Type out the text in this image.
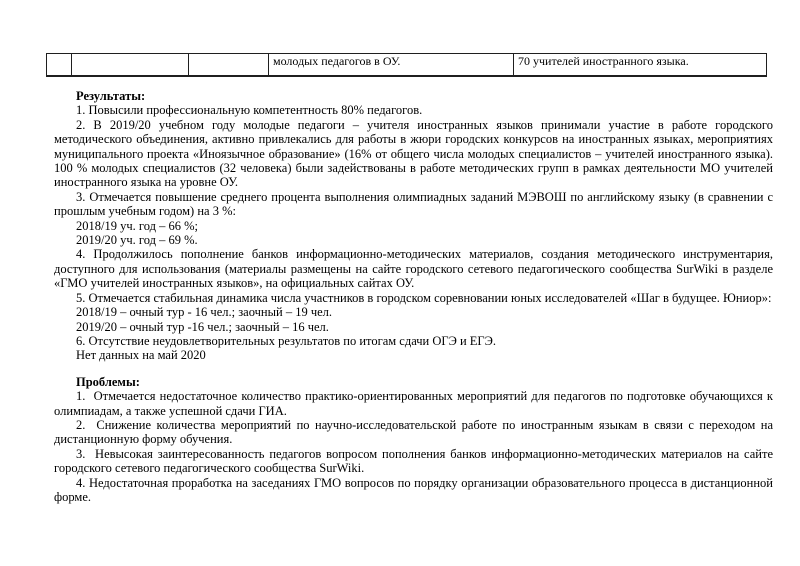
			молодых педагогов в ОУ.	70 учителей иностранного языка.

Результаты:

1. Повысили профессиональную компетентность 80% педагогов.

2. В 2019/20 учебном году молодые педагоги – учителя иностранных языков принимали участие в работе городского методического объединения, активно привлекались для работы в жюри городских конкурсов на иностранных языках, мероприятиях муниципального проекта «Иноязычное образование» (16% от общего числа молодых специалистов – учителей иностранного языка). 100 % молодых специалистов (32 человека) были задействованы в работе методических групп в рамках деятельности МО учителей иностранного языка на уровне ОУ.

3. Отмечается повышение среднего процента выполнения олимпиадных заданий МЭВОШ по английскому языку (в сравнении с прошлым учебным годом) на 3 %:

2018/19 уч. год – 66 %;

2019/20 уч. год – 69 %.

4. Продолжилось пополнение банков информационно-методических материалов, создания методического инструментария, доступного для использования (материалы размещены на сайте городского сетевого педагогического сообщества SurWiki в разделе «ГМО учителей иностранных языков», на официальных сайтах ОУ.

5. Отмечается стабильная динамика числа участников в городском соревновании юных исследователей «Шаг в будущее. Юниор»:

2018/19 – очный тур - 16 чел.; заочный – 19 чел.

2019/20 – очный тур -16 чел.; заочный – 16 чел.

6. Отсутствие неудовлетворительных результатов по итогам сдачи ОГЭ и ЕГЭ.

Нет данных на май 2020

Проблемы:

1.  Отмечается недостаточное количество практико-ориентированных мероприятий для педагогов по подготовке обучающихся к олимпиадам, а также успешной сдачи ГИА.

2.  Снижение количества мероприятий по научно-исследовательской работе по иностранным языкам в связи с переходом на дистанционную форму обучения.

3.  Невысокая заинтересованность педагогов вопросом пополнения банков информационно-методических материалов на сайте городского сетевого педагогического сообщества SurWiki.

4. Недостаточная проработка на заседаниях ГМО вопросов по порядку организации образовательного процесса в дистанционной форме.
